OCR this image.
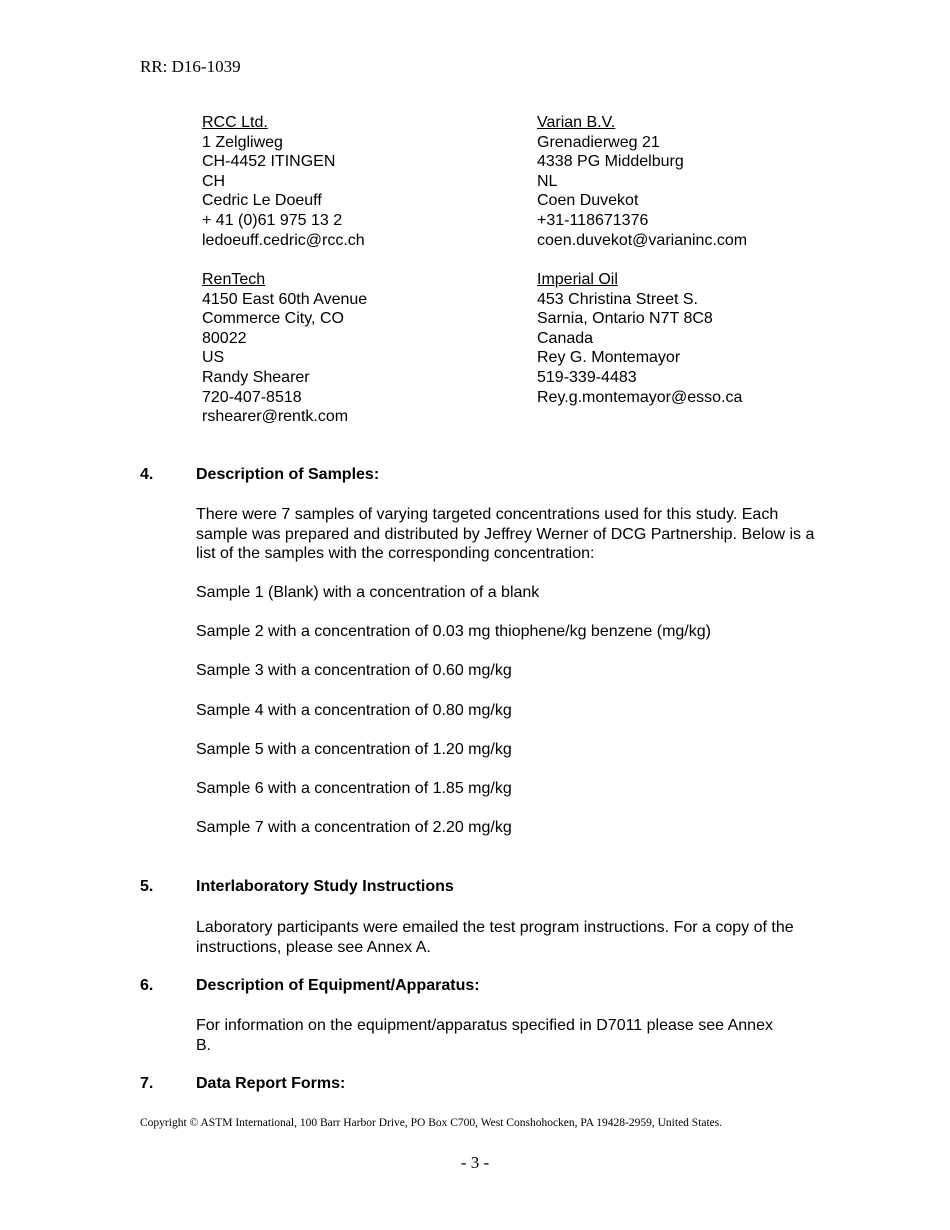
RR: D16-1039
RCC Ltd.
1 Zelgliweg
CH-4452 ITINGEN
CH
Cedric Le Doeuff
+ 41 (0)61 975 13 2
ledoeuff.cedric@rcc.ch
Varian B.V.
Grenadierweg 21
4338 PG Middelburg
NL
Coen Duvekot
+31-118671376
coen.duvekot@varianinc.com
RenTech
4150 East 60th Avenue
Commerce City, CO
80022
US
Randy Shearer
720-407-8518
rshearer@rentk.com
Imperial Oil
453 Christina Street S.
Sarnia, Ontario N7T 8C8
Canada
Rey G. Montemayor
519-339-4483
Rey.g.montemayor@esso.ca
4.	Description of Samples:
There were 7 samples of varying targeted concentrations used for this study. Each sample was prepared and distributed by Jeffrey Werner of DCG Partnership. Below is a list of the samples with the corresponding concentration:
Sample 1 (Blank) with a concentration of a blank
Sample 2 with a concentration of 0.03 mg thiophene/kg benzene (mg/kg)
Sample 3 with a concentration of 0.60 mg/kg
Sample 4 with a concentration of 0.80 mg/kg
Sample 5 with a concentration of 1.20 mg/kg
Sample 6 with a concentration of 1.85 mg/kg
Sample 7 with a concentration of 2.20 mg/kg
5.	Interlaboratory Study Instructions
Laboratory participants were emailed the test program instructions. For a copy of the instructions, please see Annex A.
6.	Description of Equipment/Apparatus:
For information on the equipment/apparatus specified in D7011 please see Annex B.
7.	Data Report Forms:
Copyright © ASTM International, 100 Barr Harbor Drive, PO Box C700, West Conshohocken, PA 19428-2959, United States.
- 3 -
